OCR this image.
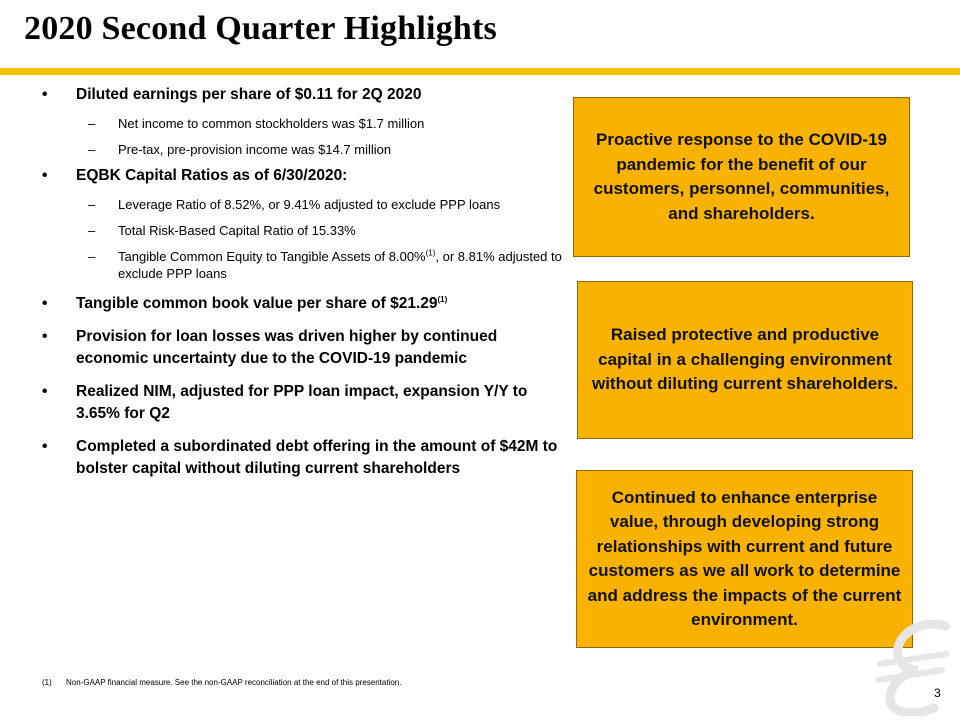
2020 Second Quarter Highlights
•	Diluted earnings per share of $0.11 for 2Q 2020
– Net income to common stockholders was $1.7 million
– Pre-tax, pre-provision income was $14.7 million
•	EQBK Capital Ratios as of 6/30/2020:
– Leverage Ratio of 8.52%, or 9.41% adjusted to exclude PPP loans
– Total Risk-Based Capital Ratio of 15.33%
– Tangible Common Equity to Tangible Assets of 8.00%$^{(1)}$, or 8.81% adjusted to exclude PPP loans
•	Tangible common book value per share of $21.29$^{(1)}$
•	Provision for loan losses was driven higher by continued economic uncertainty due to the COVID-19 pandemic
•	Realized NIM, adjusted for PPP loan impact, expansion Y/Y to 3.65% for Q2
•	Completed a subordinated debt offering in the amount of $42M to bolster capital without diluting current shareholders
Proactive response to the COVID-19 pandemic for the benefit of our customers, personnel, communities, and shareholders.
Raised protective and productive capital in a challenging environment without diluting current shareholders.
Continued to enhance enterprise value, through developing strong relationships with current and future customers as we all work to determine and address the impacts of the current environment.
(1) Non-GAAP financial measure. See the non-GAAP reconciliation at the end of this presentation.
3
